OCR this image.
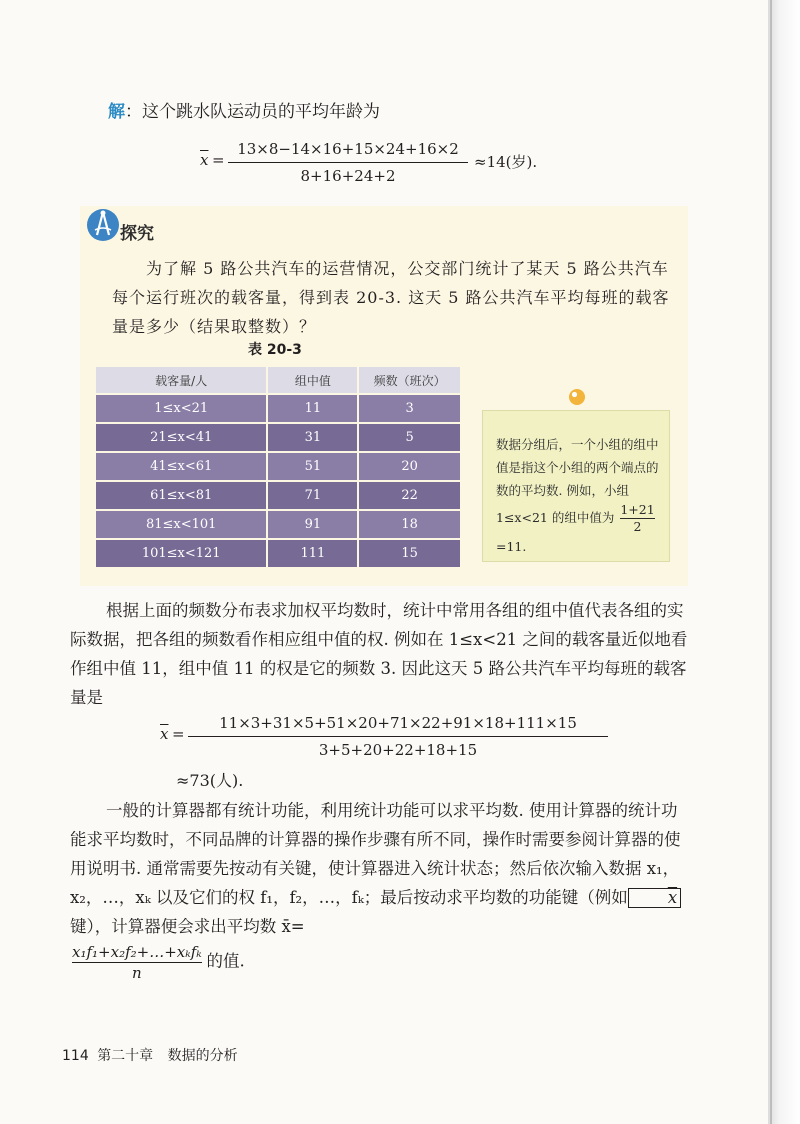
解：这个跳水队运动员的平均年龄为

$\overline{x}$ =
13×8−14×16+15×24+16×2
8+16+24+2
≈14(岁).
探究

为了解 5 路公共汽车的运营情况，公交部门统计了某天 5 路公共汽车每个运行班次的载客量，得到表 20-3. 这天 5 路公共汽车平均每班的载客量是多少（结果取整数）？

表 20-3
载客量/人	组中值	频数（班次）
1≤x<21	11	3
21≤x<41	31	5
41≤x<61	51	20
61≤x<81	71	22
81≤x<101	91	18
101≤x<121	111	15
数据分组后，一个小组的组中值是指这个小组的两个端点的数的平均数. 例如，小组 1≤x<21 的组中值为 $\frac{1+21}{2}$
=11.

根据上面的频数分布表求加权平均数时，统计中常用各组的组中值代表各组的实际数据，把各组的频数看作相应组中值的权. 例如在 1≤x<21 之间的载客量近似地看作组中值 11，组中值 11 的权是它的频数 3. 因此这天 5 路公共汽车平均每班的载客量是

$\overline{x}$ =
11×3+31×5+51×20+71×22+91×18+111×15
3+5+20+22+18+15
≈73(人).

一般的计算器都有统计功能，利用统计功能可以求平均数. 使用计算器的统计功能求平均数时，不同品牌的计算器的操作步骤有所不同，操作时需要参阅计算器的使用说明书. 通常需要先按动有关键，使计算器进入统计状态；然后依次输入数据 x₁，x₂，…，xₖ 以及它们的权 f₁，f₂，…，fₖ；最后按动求平均数的功能键（例如 $\overline{x}$键），计算器便会求出平均数 x̄=

x₁f₁+x₂f₂+…+xₖfₖ
n
的值.
114 第二十章 数据的分析
